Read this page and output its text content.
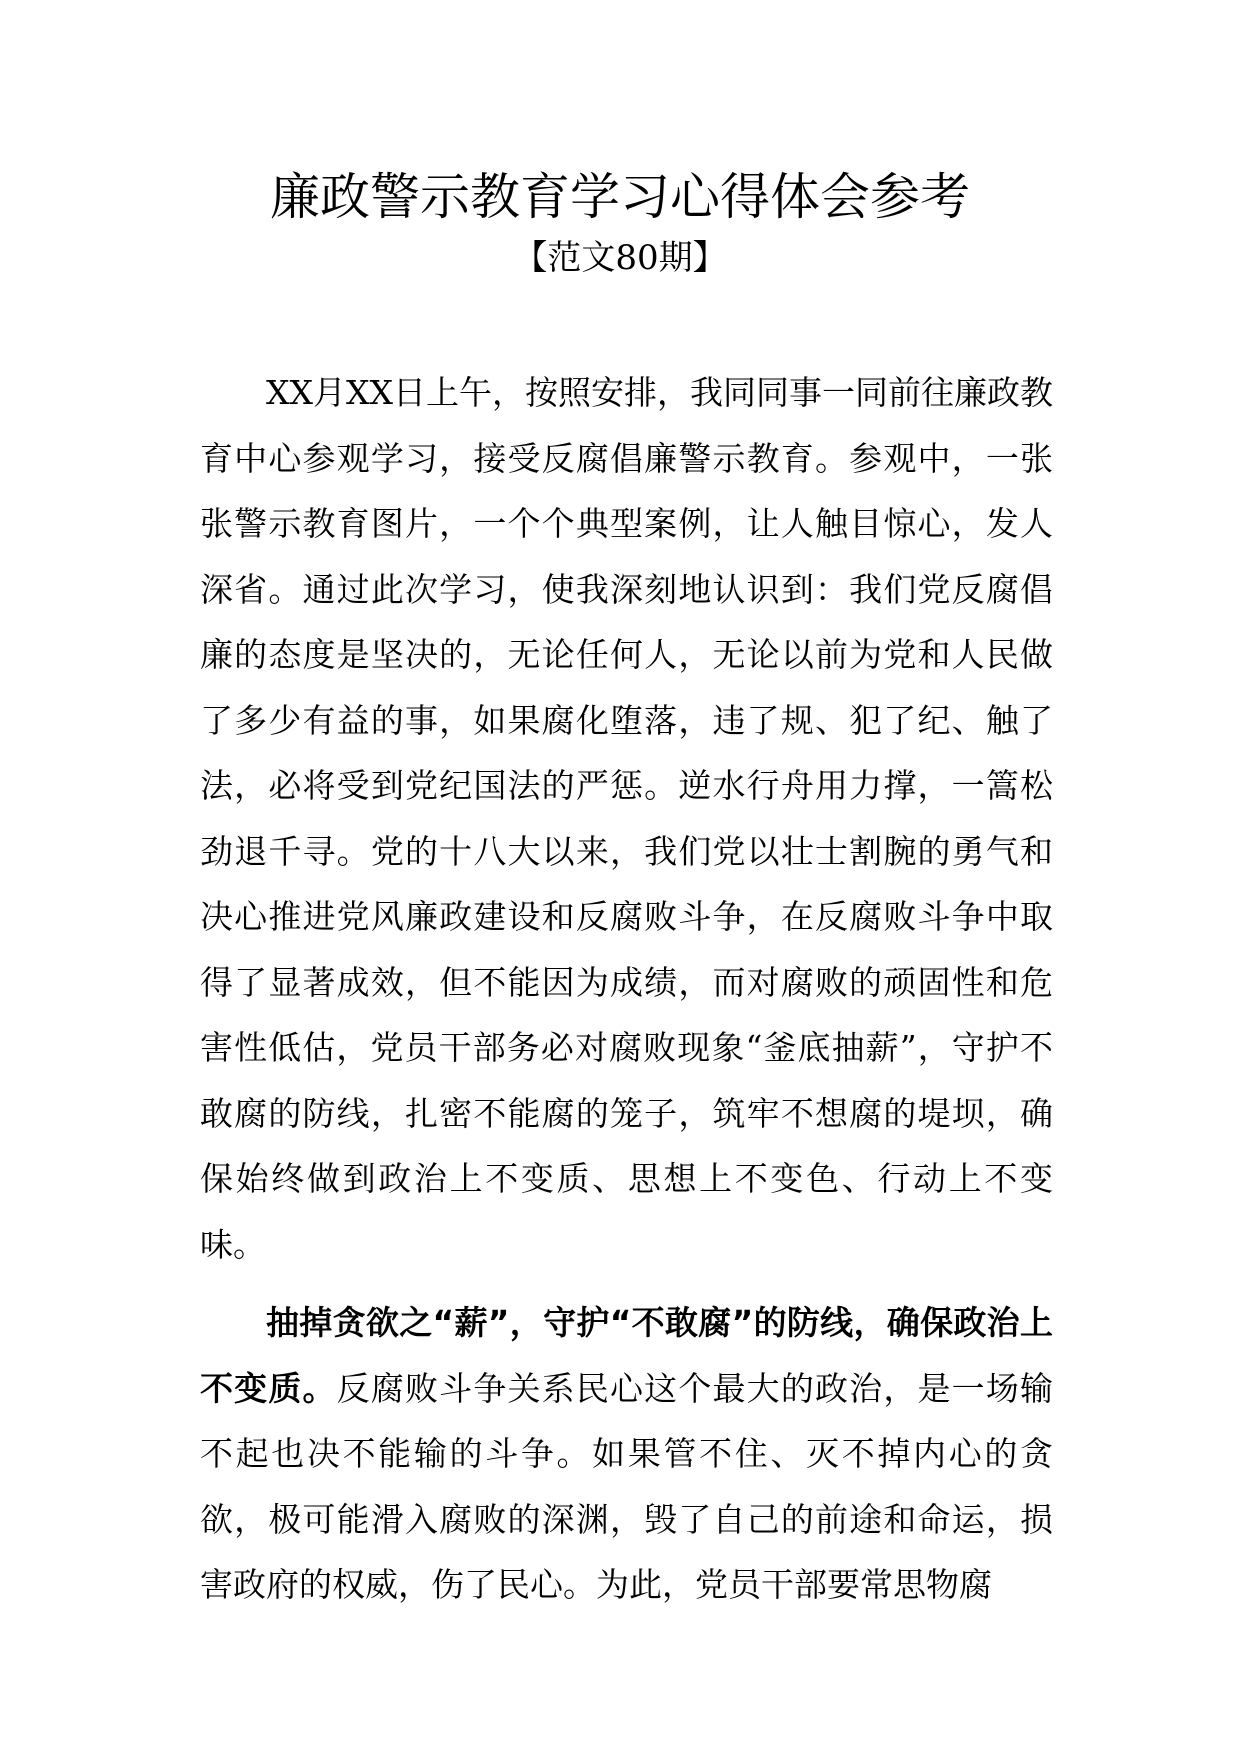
廉政警示教育学习心得体会参考
【范文80期】

XX月XX日上午，按照安排，我同同事一同前往廉政教育中心参观学习，接受反腐倡廉警示教育。参观中，一张张警示教育图片，一个个典型案例，让人触目惊心，发人深省。通过此次学习，使我深刻地认识到：我们党反腐倡廉的态度是坚决的，无论任何人，无论以前为党和人民做了多少有益的事，如果腐化堕落，违了规、犯了纪、触了法，必将受到党纪国法的严惩。逆水行舟用力撑，一篙松劲退千寻。党的十八大以来，我们党以壮士割腕的勇气和决心推进党风廉政建设和反腐败斗争，在反腐败斗争中取得了显著成效，但不能因为成绩，而对腐败的顽固性和危害性低估，党员干部务必对腐败现象“釜底抽薪”，守护不敢腐的防线，扎密不能腐的笼子，筑牢不想腐的堤坝，确保始终做到政治上不变质、思想上不变色、行动上不变味。

抽掉贪欲之“薪”，守护“不敢腐”的防线，确保政治上不变质。反腐败斗争关系民心这个最大的政治，是一场输不起也决不能输的斗争。如果管不住、灭不掉内心的贪欲，极可能滑入腐败的深渊，毁了自己的前途和命运，损害政府的权威，伤了民心。为此，党员干部要常思物腐
